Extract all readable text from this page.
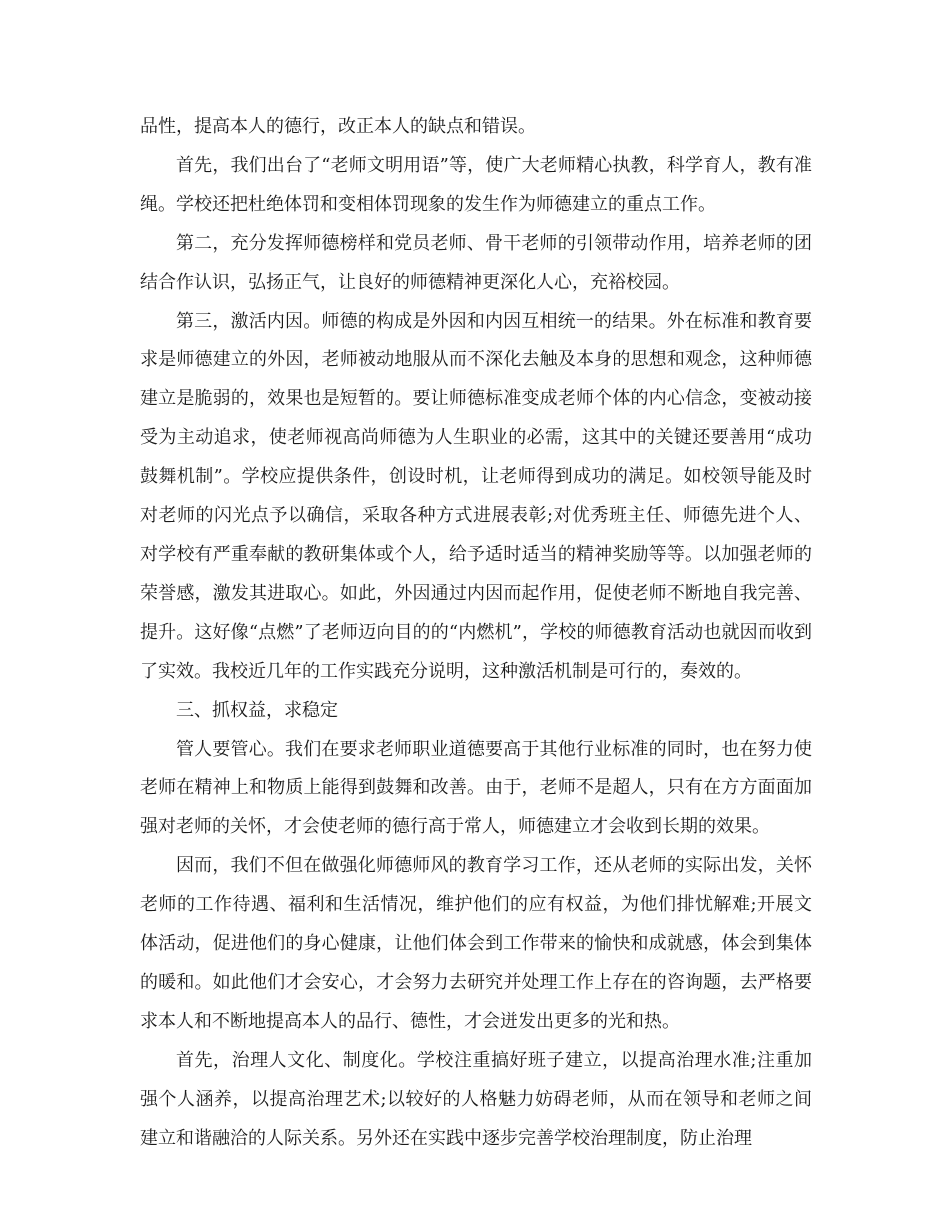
品性，提高本人的德行，改正本人的缺点和错误。

首先，我们出台了“老师文明用语”等，使广大老师精心执教，科学育人，教有准绳。学校还把杜绝体罚和变相体罚现象的发生作为师德建立的重点工作。

第二，充分发挥师德榜样和党员老师、骨干老师的引领带动作用，培养老师的团结合作认识，弘扬正气，让良好的师德精神更深化人心，充裕校园。

第三，激活内因。师德的构成是外因和内因互相统一的结果。外在标准和教育要求是师德建立的外因，老师被动地服从而不深化去触及本身的思想和观念，这种师德建立是脆弱的，效果也是短暂的。要让师德标准变成老师个体的内心信念，变被动接受为主动追求，使老师视高尚师德为人生职业的必需，这其中的关键还要善用“成功鼓舞机制”。学校应提供条件，创设时机，让老师得到成功的满足。如校领导能及时对老师的闪光点予以确信，采取各种方式进展表彰;对优秀班主任、师德先进个人、对学校有严重奉献的教研集体或个人，给予适时适当的精神奖励等等。以加强老师的荣誉感，激发其进取心。如此，外因通过内因而起作用，促使老师不断地自我完善、提升。这好像“点燃”了老师迈向目的的“内燃机”，学校的师德教育活动也就因而收到了实效。我校近几年的工作实践充分说明，这种激活机制是可行的，奏效的。

三、抓权益，求稳定

管人要管心。我们在要求老师职业道德要高于其他行业标准的同时，也在努力使老师在精神上和物质上能得到鼓舞和改善。由于，老师不是超人，只有在方方面面加强对老师的关怀，才会使老师的德行高于常人，师德建立才会收到长期的效果。

因而，我们不但在做强化师德师风的教育学习工作，还从老师的实际出发，关怀老师的工作待遇、福利和生活情况，维护他们的应有权益，为他们排忧解难;开展文体活动，促进他们的身心健康，让他们体会到工作带来的愉快和成就感，体会到集体的暖和。如此他们才会安心，才会努力去研究并处理工作上存在的咨询题，去严格要求本人和不断地提高本人的品行、德性，才会迸发出更多的光和热。

首先，治理人文化、制度化。学校注重搞好班子建立，以提高治理水准;注重加强个人涵养，以提高治理艺术;以较好的人格魅力妨碍老师，从而在领导和老师之间建立和谐融洽的人际关系。另外还在实践中逐步完善学校治理制度，防止治理
